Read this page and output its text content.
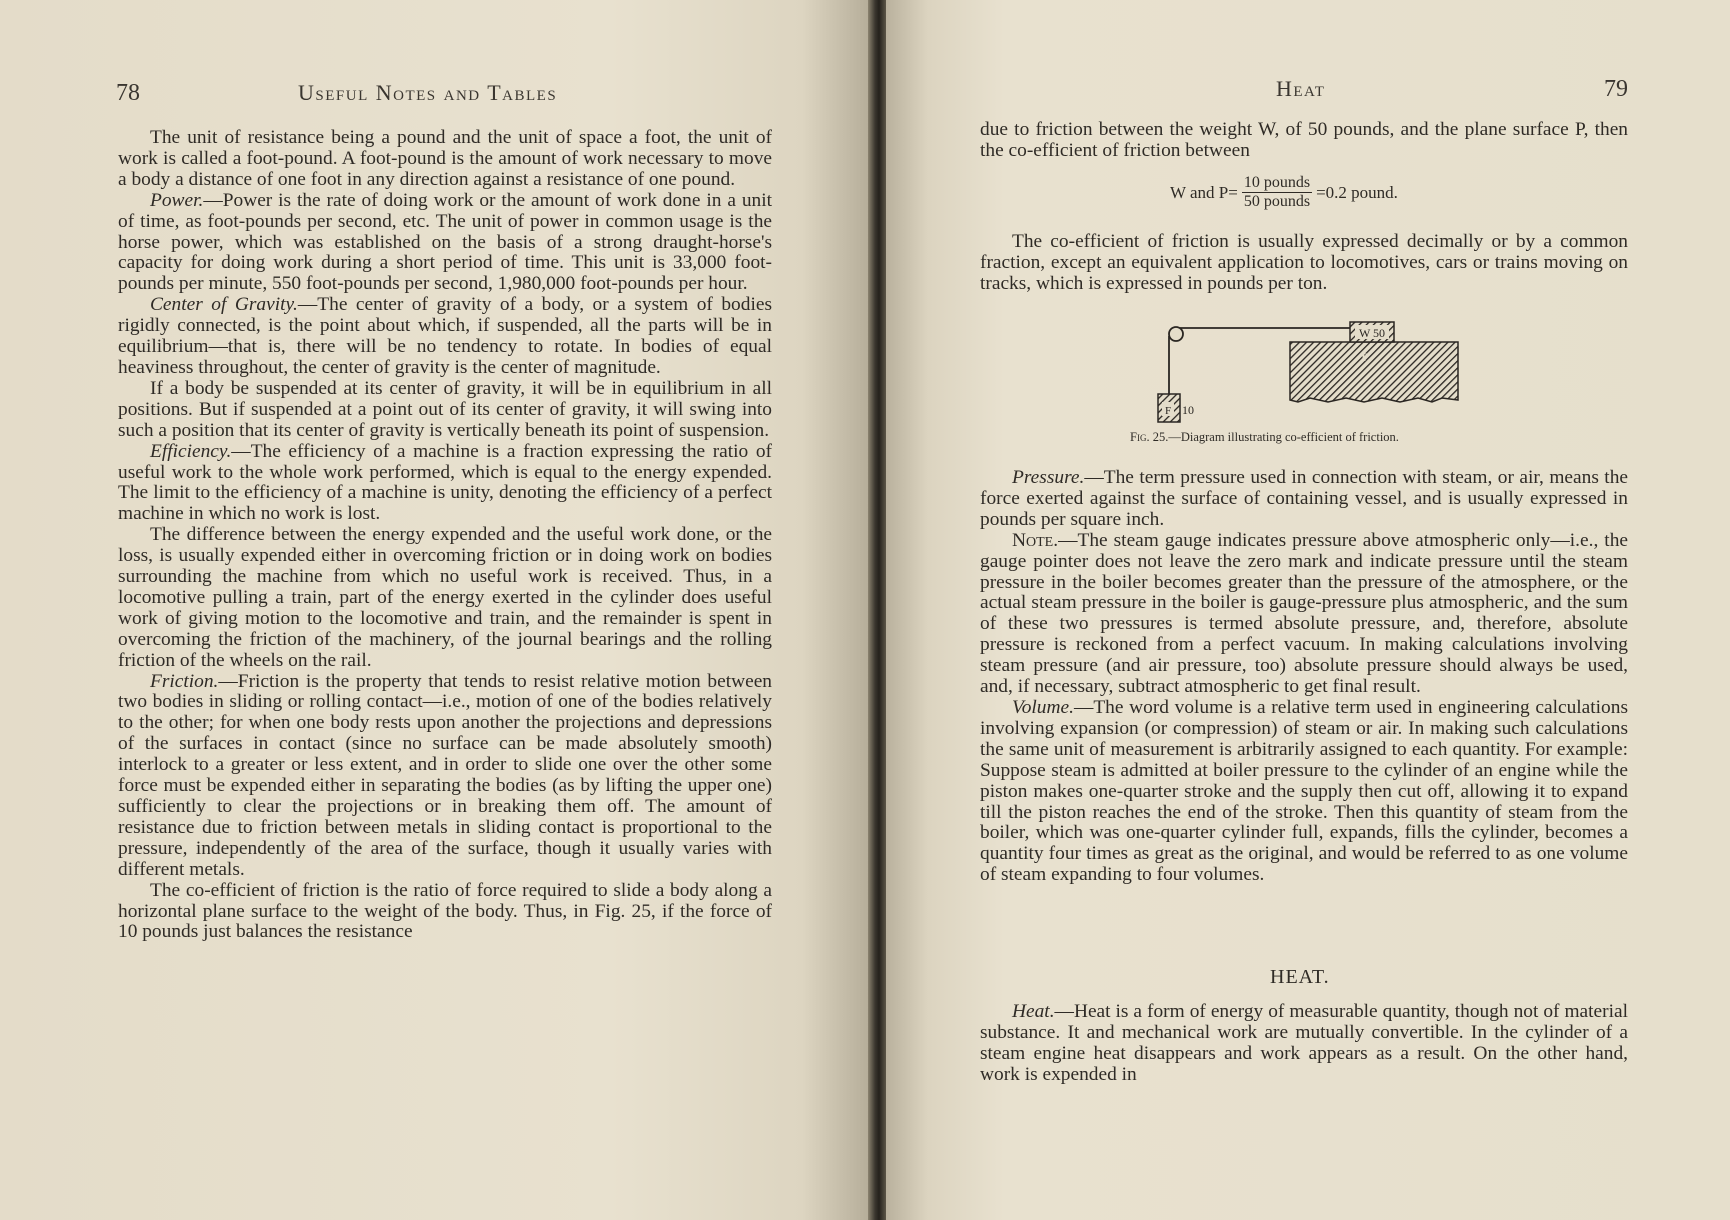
78	Useful Notes and Tables

The unit of resistance being a pound and the unit of space a foot, the unit of work is called a foot-pound. A foot-pound is the amount of work necessary to move a body a distance of one foot in any direction against a resistance of one pound.

Power.—Power is the rate of doing work or the amount of work done in a unit of time, as foot-pounds per second, etc. The unit of power in common usage is the horse power, which was established on the basis of a strong draught-horse's capacity for doing work during a short period of time. This unit is 33,000 foot-pounds per minute, 550 foot-pounds per second, 1,980,000 foot-pounds per hour.

Center of Gravity.—The center of gravity of a body, or a system of bodies rigidly connected, is the point about which, if suspended, all the parts will be in equilibrium—that is, there will be no tendency to rotate. In bodies of equal heaviness throughout, the center of gravity is the center of magnitude.

If a body be suspended at its center of gravity, it will be in equilibrium in all positions. But if suspended at a point out of its center of gravity, it will swing into such a position that its center of gravity is vertically beneath its point of suspension.

Efficiency.—The efficiency of a machine is a fraction expressing the ratio of useful work to the whole work performed, which is equal to the energy expended. The limit to the efficiency of a machine is unity, denoting the efficiency of a perfect machine in which no work is lost.

The difference between the energy expended and the useful work done, or the loss, is usually expended either in overcoming friction or in doing work on bodies surrounding the machine from which no useful work is received. Thus, in a locomotive pulling a train, part of the energy exerted in the cylinder does useful work of giving motion to the locomotive and train, and the remainder is spent in overcoming the friction of the machinery, of the journal bearings and the rolling friction of the wheels on the rail.

Friction.—Friction is the property that tends to resist relative motion between two bodies in sliding or rolling contact—i.e., motion of one of the bodies relatively to the other; for when one body rests upon another the projections and depressions of the surfaces in contact (since no surface can be made absolutely smooth) interlock to a greater or less extent, and in order to slide one over the other some force must be expended either in separating the bodies (as by lifting the upper one) sufficiently to clear the projections or in breaking them off. The amount of resistance due to friction between metals in sliding contact is proportional to the pressure, independently of the area of the surface, though it usually varies with different metals.

The co-efficient of friction is the ratio of force required to slide a body along a horizontal plane surface to the weight of the body. Thus, in Fig. 25, if the force of 10 pounds just balances the resistance

Heat	79

due to friction between the weight W, of 50 pounds, and the plane surface P, then the co-efficient of friction between

The co-efficient of friction is usually expressed decimally or by a common fraction, except an equivalent application to locomotives, cars or trains moving on tracks, which is expressed in pounds per ton.

Pressure.—The term pressure used in connection with steam, or air, means the force exerted against the surface of containing vessel, and is usually expressed in pounds per square inch.

Note.—The steam gauge indicates pressure above atmospheric only—i.e., the gauge pointer does not leave the zero mark and indicate pressure until the steam pressure in the boiler becomes greater than the pressure of the atmosphere, or the actual steam pressure in the boiler is gauge-pressure plus atmospheric, and the sum of these two pressures is termed absolute pressure, and, therefore, absolute pressure is reckoned from a perfect vacuum. In making calculations involving steam pressure (and air pressure, too) absolute pressure should always be used, and, if necessary, subtract atmospheric to get final result.

Volume.—The word volume is a relative term used in engineering calculations involving expansion (or compression) of steam or air. In making such calculations the same unit of measurement is arbitrarily assigned to each quantity. For example: Suppose steam is admitted at boiler pressure to the cylinder of an engine while the piston makes one-quarter stroke and the supply then cut off, allowing it to expand till the piston reaches the end of the stroke. Then this quantity of steam from the boiler, which was one-quarter cylinder full, expands, fills the cylinder, becomes a quantity four times as great as the original, and would be referred to as one volume of steam expanding to four volumes.

Heat.—Heat is a form of energy of measurable quantity, though not of material substance. It and mechanical work are mutually convertible. In the cylinder of a steam engine heat disappears and work appears as a result. On the other hand, work is expended in

W and $P= \frac{\text{10 pounds}}{\text{50 pounds}} =0.2$ pound.
HEAT.
W 50
P
F 10
Fig. 25.—Diagram illustrating co-efficient of friction.
